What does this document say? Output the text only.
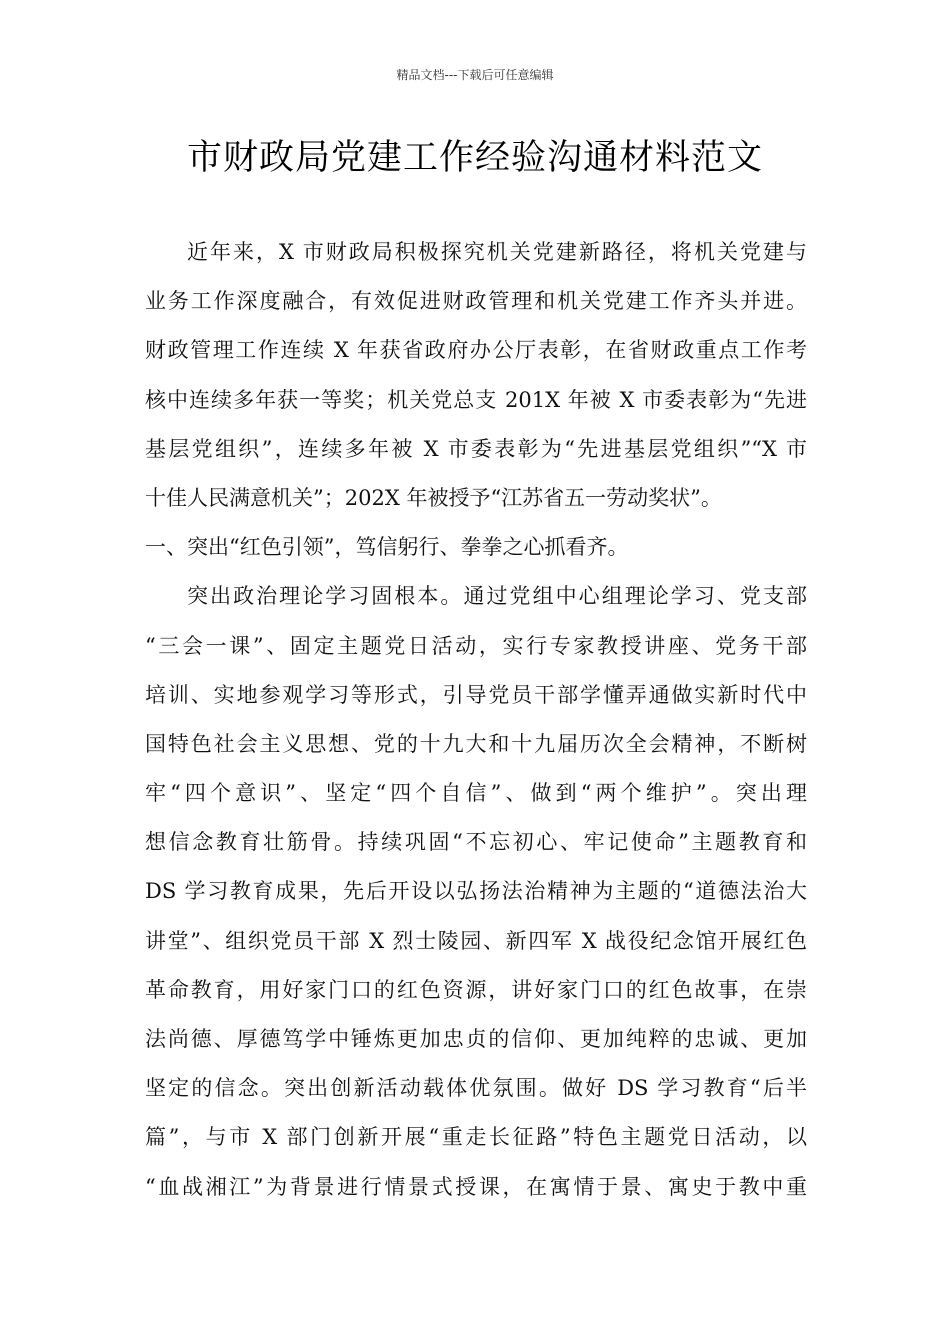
精品文档---下载后可任意编辑
市财政局党建工作经验沟通材料范文
近年来，X 市财政局积极探究机关党建新路径，将机关党建与
业务工作深度融合，有效促进财政管理和机关党建工作齐头并进。
财政管理工作连续 X 年获省政府办公厅表彰，在省财政重点工作考
核中连续多年获一等奖；机关党总支 201X 年被 X 市委表彰为“先进
基层党组织”，连续多年被 X 市委表彰为“先进基层党组织”“X 市
十佳人民满意机关”；202X 年被授予“江苏省五一劳动奖状”。
一、突出“红色引领”，笃信躬行、拳拳之心抓看齐。
突出政治理论学习固根本。通过党组中心组理论学习、党支部
“三会一课”、固定主题党日活动，实行专家教授讲座、党务干部
培训、实地参观学习等形式，引导党员干部学懂弄通做实新时代中
国特色社会主义思想、党的十九大和十九届历次全会精神，不断树
牢“四个意识”、坚定“四个自信”、做到“两个维护”。突出理
想信念教育壮筋骨。持续巩固“不忘初心、牢记使命”主题教育和
DS 学习教育成果，先后开设以弘扬法治精神为主题的“道德法治大
讲堂”、组织党员干部 X 烈士陵园、新四军 X 战役纪念馆开展红色
革命教育，用好家门口的红色资源，讲好家门口的红色故事，在崇
法尚德、厚德笃学中锤炼更加忠贞的信仰、更加纯粹的忠诚、更加
坚定的信念。突出创新活动载体优氛围。做好 DS 学习教育“后半
篇”，与市 X 部门创新开展“重走长征路”特色主题党日活动，以
“血战湘江”为背景进行情景式授课，在寓情于景、寓史于教中重
